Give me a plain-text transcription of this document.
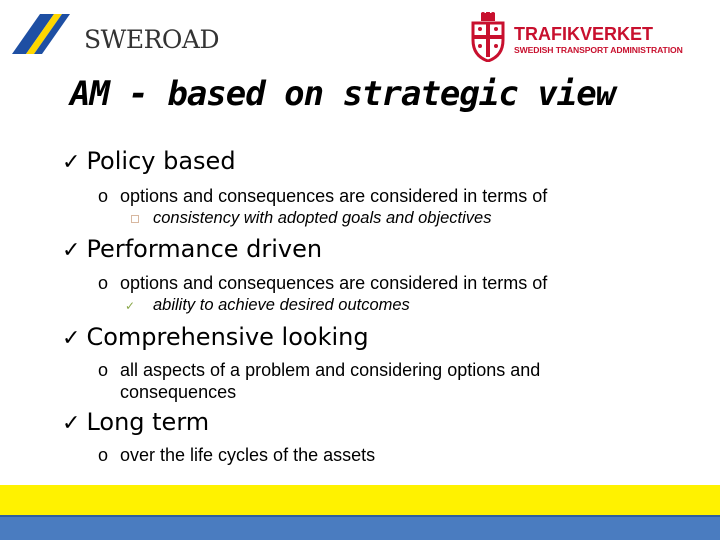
SWEROAD	TRAFIKVERKET
SWEDISH TRANSPORT ADMINISTRATION
AM - based on strategic view
✓ Policy based
o options and consequences are considered in terms of
consistency with adopted goals and objectives
✓ Performance driven
o options and consequences are considered in terms of
✓ ability to achieve desired outcomes
✓ Comprehensive looking
o all aspects of a problem and considering options and
consequences
✓ Long term
o over the life cycles of the assets
